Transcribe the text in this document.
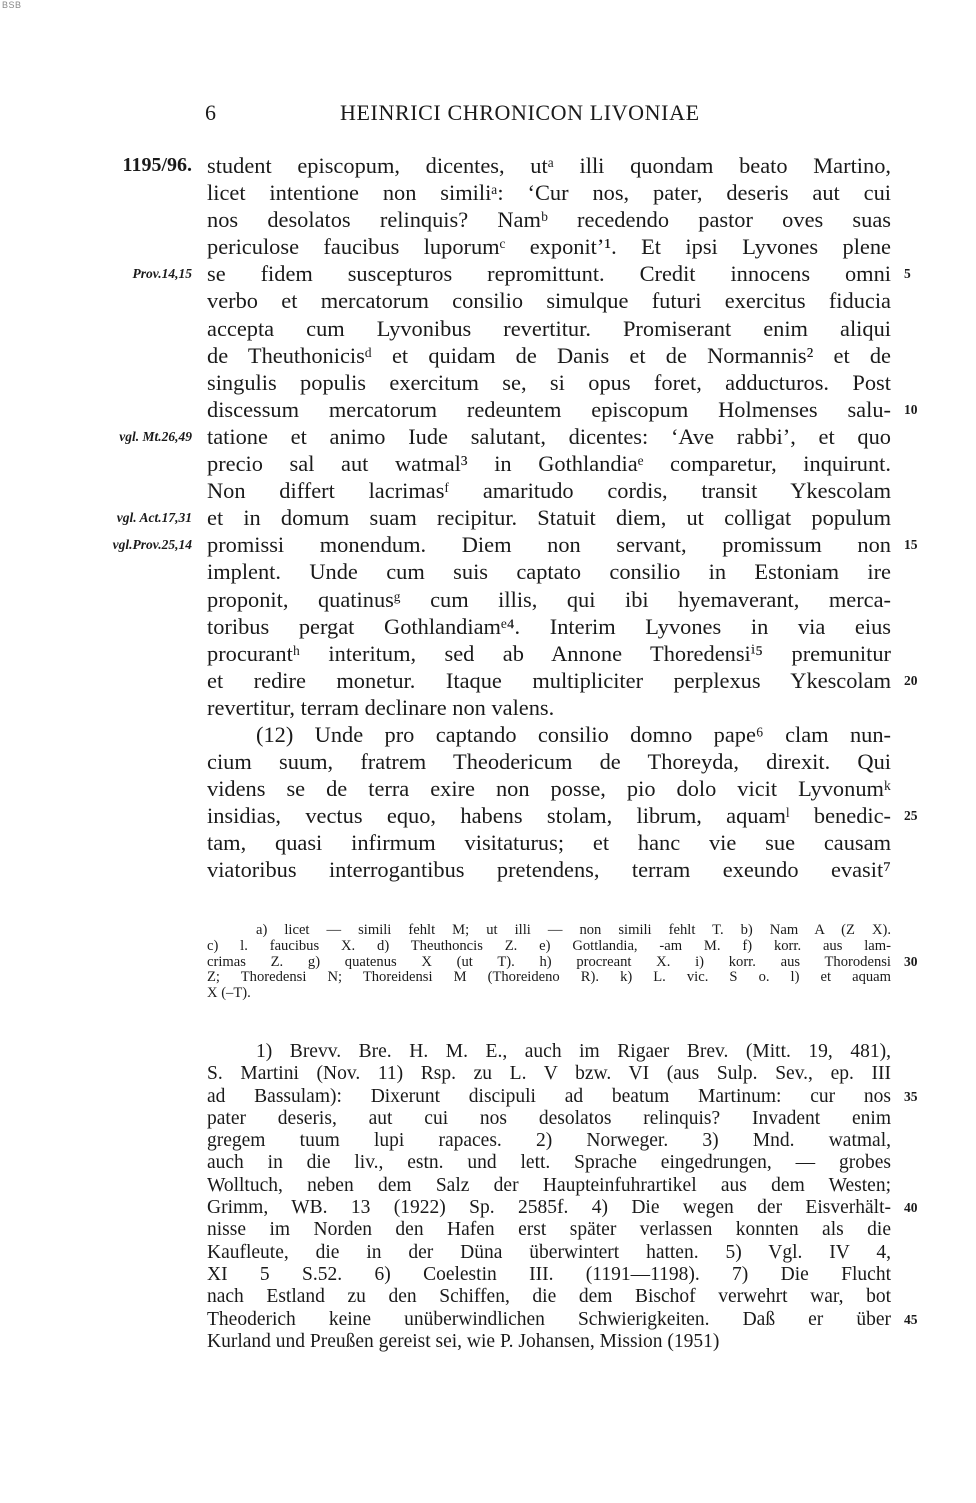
BSB
6	HEINRICI CHRONICON LIVONIAE
student episcopum, dicentes, utᵃ illi quondam beato Martino,
1195/96.
licet intentione non similiᵃ: ‘Cur nos, pater, deseris aut cui
nos desolatos relinquis? Namᵇ recedendo pastor oves suas
periculose faucibus luporumᶜ exponit’¹. Et ipsi Lyvones plene
se fidem suscepturos repromittunt. Credit innocens omni
Prov.14,15	5
verbo et mercatorum consilio simulque futuri exercitus fiducia
accepta cum Lyvonibus revertitur. Promiserant enim aliqui
de Theuthonicisᵈ et quidam de Danis et de Normannis² et de
singulis populis exercitum se, si opus foret, adducturos. Post
discessum mercatorum redeuntem episcopum Holmenses salu- 10
tatione et animo Iude salutant, dicentes: ‘Ave rabbi’, et quo
vgl. Mt.26,49
precio sal aut watmal³ in Gothlandiaᵉ comparetur, inquirunt.
Non differt lacrimasᶠ amaritudo cordis, transit Ykescolam
et in domum suam recipitur. Statuit diem, ut colligat populum
vgl. Act.17,31
promissi monendum. Diem non servant, promissum non
vgl.Prov.25,14	15
implent. Unde cum suis captato consilio in Estoniam ire
proponit, quatinusᵍ cum illis, qui ibi hyemaverant, merca-
toribus pergat Gothlandiamᵉ⁴. Interim Lyvones in via eius
procurantʰ interitum, sed ab Annone Thoredensiⁱ⁵ premunitur
et redire monetur. Itaque multipliciter perplexus Ykescolam 20
revertitur, terram declinare non valens.
(12) Unde pro captando consilio domno pape⁶ clam nun-
cium suum, fratrem Theodericum de Thoreyda, direxit. Qui
videns se de terra exire non posse, pio dolo vicit Lyvonumᵏ
insidias, vectus equo, habens stolam, librum, aquamˡ benedic- 25
tam, quasi infirmum visitaturus; et hanc vie sue causam
viatoribus interrogantibus pretendens, terram exeundo evasit⁷
a) licet — simili fehlt M; ut illi — non simili fehlt T. b) Nam A (Z X).
c) l. faucibus X. d) Theuthoncis Z. e) Gottlandia, -am M. f) korr. aus lam-
crimas Z. g) quatenus X (ut T). h) procreant X. i) korr. aus Thorodensi 30
Z; Thoredensi N; Thoreidensi M (Thoreideno R). k) L. vic. S o. l) et aquam
X (–T).
1) Brevv. Bre. H. M. E., auch im Rigaer Brev. (Mitt. 19, 481),
S. Martini (Nov. 11) Rsp. zu L. V bzw. VI (aus Sulp. Sev., ep. III
ad Bassulam): Dixerunt discipuli ad beatum Martinum: cur nos 35
pater deseris, aut cui nos desolatos relinquis? Invadent enim
gregem tuum lupi rapaces. 2) Norweger. 3) Mnd. watmal,
auch in die liv., estn. und lett. Sprache eingedrungen, — grobes
Wolltuch, neben dem Salz der Haupteinfuhrartikel aus dem Westen;
Grimm, WB. 13 (1922) Sp. 2585f. 4) Die wegen der Eisverhält- 40
nisse im Norden den Hafen erst später verlassen konnten als die
Kaufleute, die in der Düna überwintert hatten. 5) Vgl. IV 4,
XI 5 S.52. 6) Coelestin III. (1191—1198). 7) Die Flucht
nach Estland zu den Schiffen, die dem Bischof verwehrt war, bot
Theoderich keine unüberwindlichen Schwierigkeiten. Daß er über 45
Kurland und Preußen gereist sei, wie P. Johansen, Mission (1951)
